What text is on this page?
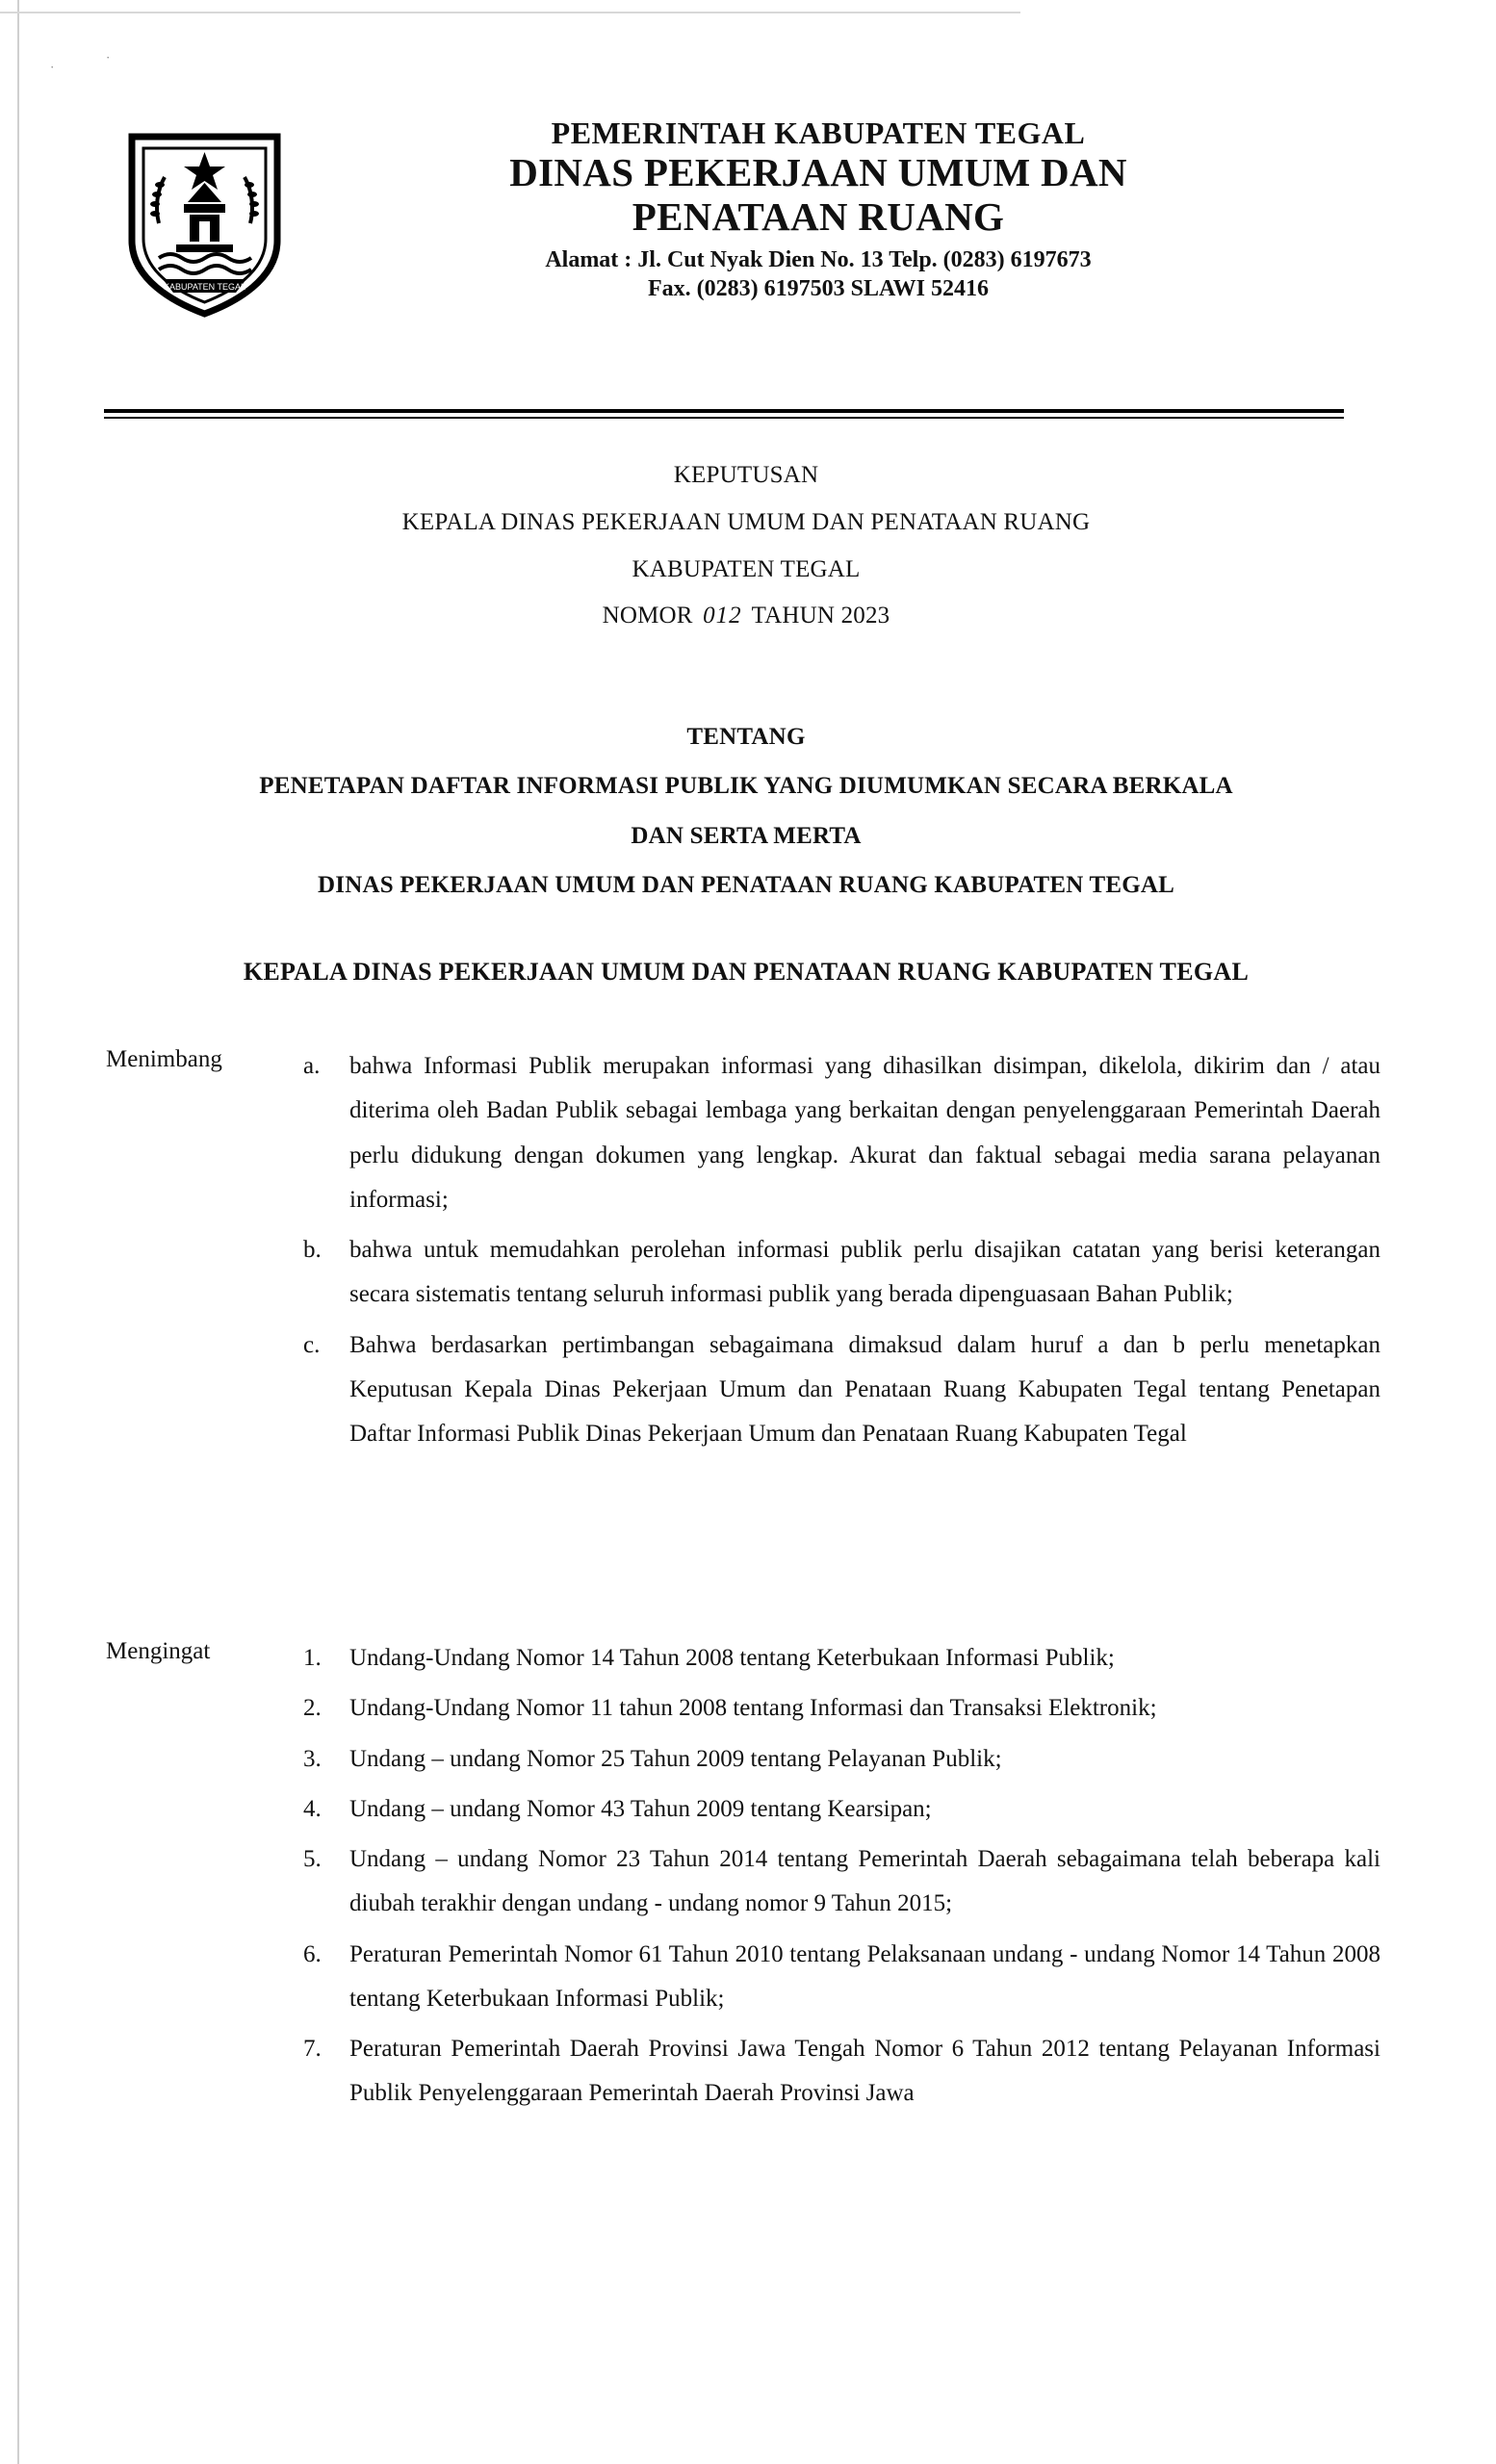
·
·
KABUPATEN TEGAL
PEMERINTAH KABUPATEN TEGAL
DINAS PEKERJAAN UMUM DAN
PENATAAN RUANG
Alamat : Jl. Cut Nyak Dien No. 13 Telp. (0283) 6197673
Fax. (0283) 6197503 SLAWI 52416
KEPUTUSAN
KEPALA DINAS PEKERJAAN UMUM DAN PENATAAN RUANG
KABUPATEN TEGAL
NOMOR 012 TAHUN 2023
TENTANG
PENETAPAN DAFTAR INFORMASI PUBLIK YANG DIUMUMKAN SECARA BERKALA
DAN SERTA MERTA
DINAS PEKERJAAN UMUM DAN PENATAAN RUANG KABUPATEN TEGAL
KEPALA DINAS PEKERJAAN UMUM DAN PENATAAN RUANG KABUPATEN TEGAL
Menimbang	a.	bahwa Informasi Publik merupakan informasi yang dihasilkan disimpan, dikelola, dikirim dan / atau diterima oleh Badan Publik sebagai lembaga yang berkaitan dengan penyelenggaraan Pemerintah Daerah perlu didukung dengan dokumen yang lengkap. Akurat dan faktual sebagai media sarana pelayanan informasi;
b.	bahwa untuk memudahkan perolehan informasi publik perlu disajikan catatan yang berisi keterangan secara sistematis tentang seluruh informasi publik yang berada dipenguasaan Bahan Publik;
c.	Bahwa berdasarkan pertimbangan sebagaimana dimaksud dalam huruf a dan b perlu menetapkan Keputusan Kepala Dinas Pekerjaan Umum dan Penataan Ruang Kabupaten Tegal tentang Penetapan Daftar Informasi Publik Dinas Pekerjaan Umum dan Penataan Ruang Kabupaten Tegal
Mengingat	1.	Undang-Undang Nomor 14 Tahun 2008 tentang Keterbukaan Informasi Publik;
2.	Undang-Undang Nomor 11 tahun 2008 tentang Informasi dan Transaksi Elektronik;
3.	Undang – undang Nomor 25 Tahun 2009 tentang Pelayanan Publik;
4.	Undang – undang Nomor 43 Tahun 2009 tentang Kearsipan;
5.	Undang – undang Nomor 23 Tahun 2014 tentang Pemerintah Daerah sebagaimana telah beberapa kali diubah terakhir dengan undang - undang nomor 9 Tahun 2015;
6.	Peraturan Pemerintah Nomor 61 Tahun 2010 tentang Pelaksanaan undang - undang Nomor 14 Tahun 2008 tentang Keterbukaan Informasi Publik;
7.	Peraturan Pemerintah Daerah Provinsi Jawa Tengah Nomor 6 Tahun 2012 tentang Pelayanan Informasi Publik Penyelenggaraan Pemerintah Daerah Provinsi Jawa
